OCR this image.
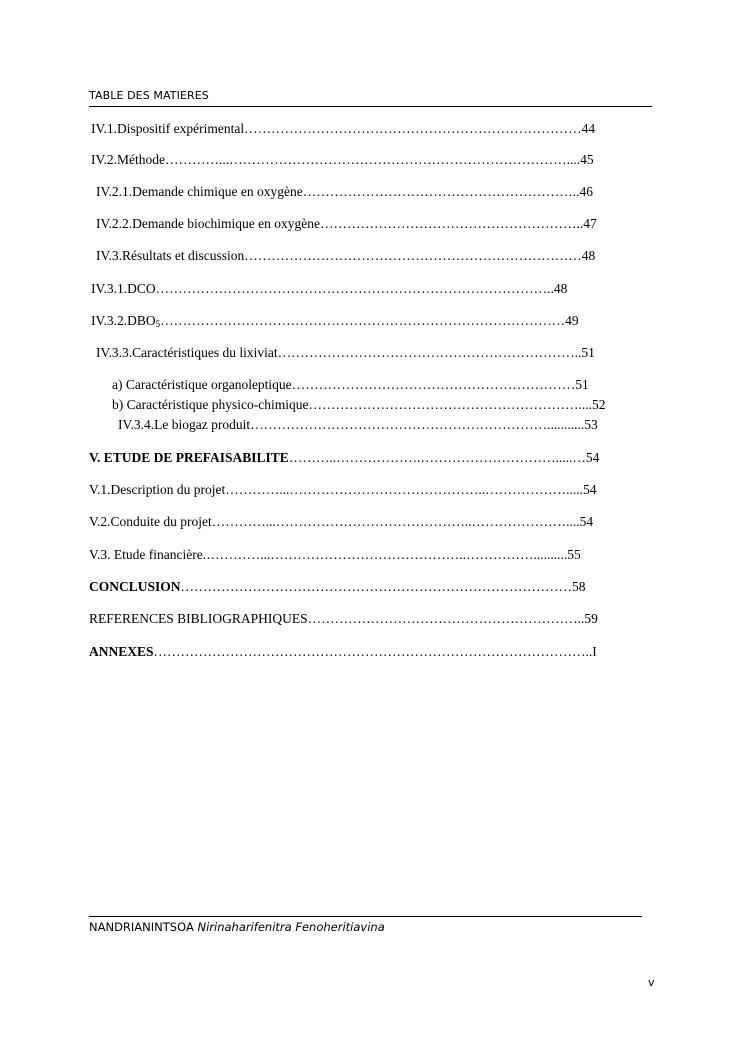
TABLE DES MATIERES
IV.1.Dispositif expérimental…………………………………………………………………44
IV.2.Méthode…………...…………………………………………………………………....45
IV.2.1.Demande chimique en oxygène……………………………………………………..46
IV.2.2.Demande biochimique en oxygène…………………………………………………..47
IV.3.Résultats et discussion…………………………………………………………………48
IV.3.1.DCO……………………………………………………………………………..48
$IV.3.2.DBO_5\dots\dots\dots\dots\dots\dots\dots\dots\dots\dots\dots\dots\dots\dots\dots\dots\dots\dots\dots\dots\dots\dots\dots\dots\dots\dots\dots\dots\dots\dots 49$
IV.3.3.Caractéristiques du lixiviat…………………………………………………………..51
a) Caractéristique organoleptique………………………………………………………51
b) Caractéristique physico-chimique……………………………………………………....52
IV.3.4.Le biogaz produit…………………………………………………………...........53
V. ETUDE DE PREFAISABILITE………..……………….………………………….....…54
V.1.Description du projet…………...……………………………………..……………….....54
V.2.Conduite du projet…………...……………………………………..…………………....54
V.3. Etude financière.…………...……………………………………..……………..........55
CONCLUSION……………………………………………………………………………58
REFERENCES BIBLIOGRAPHIQUES……………………………………………………..59
ANNEXES……………………………………………………………………………………..I
NANDRIANINTSOA Nirinaharifenitra Fenoheritiavina
v
